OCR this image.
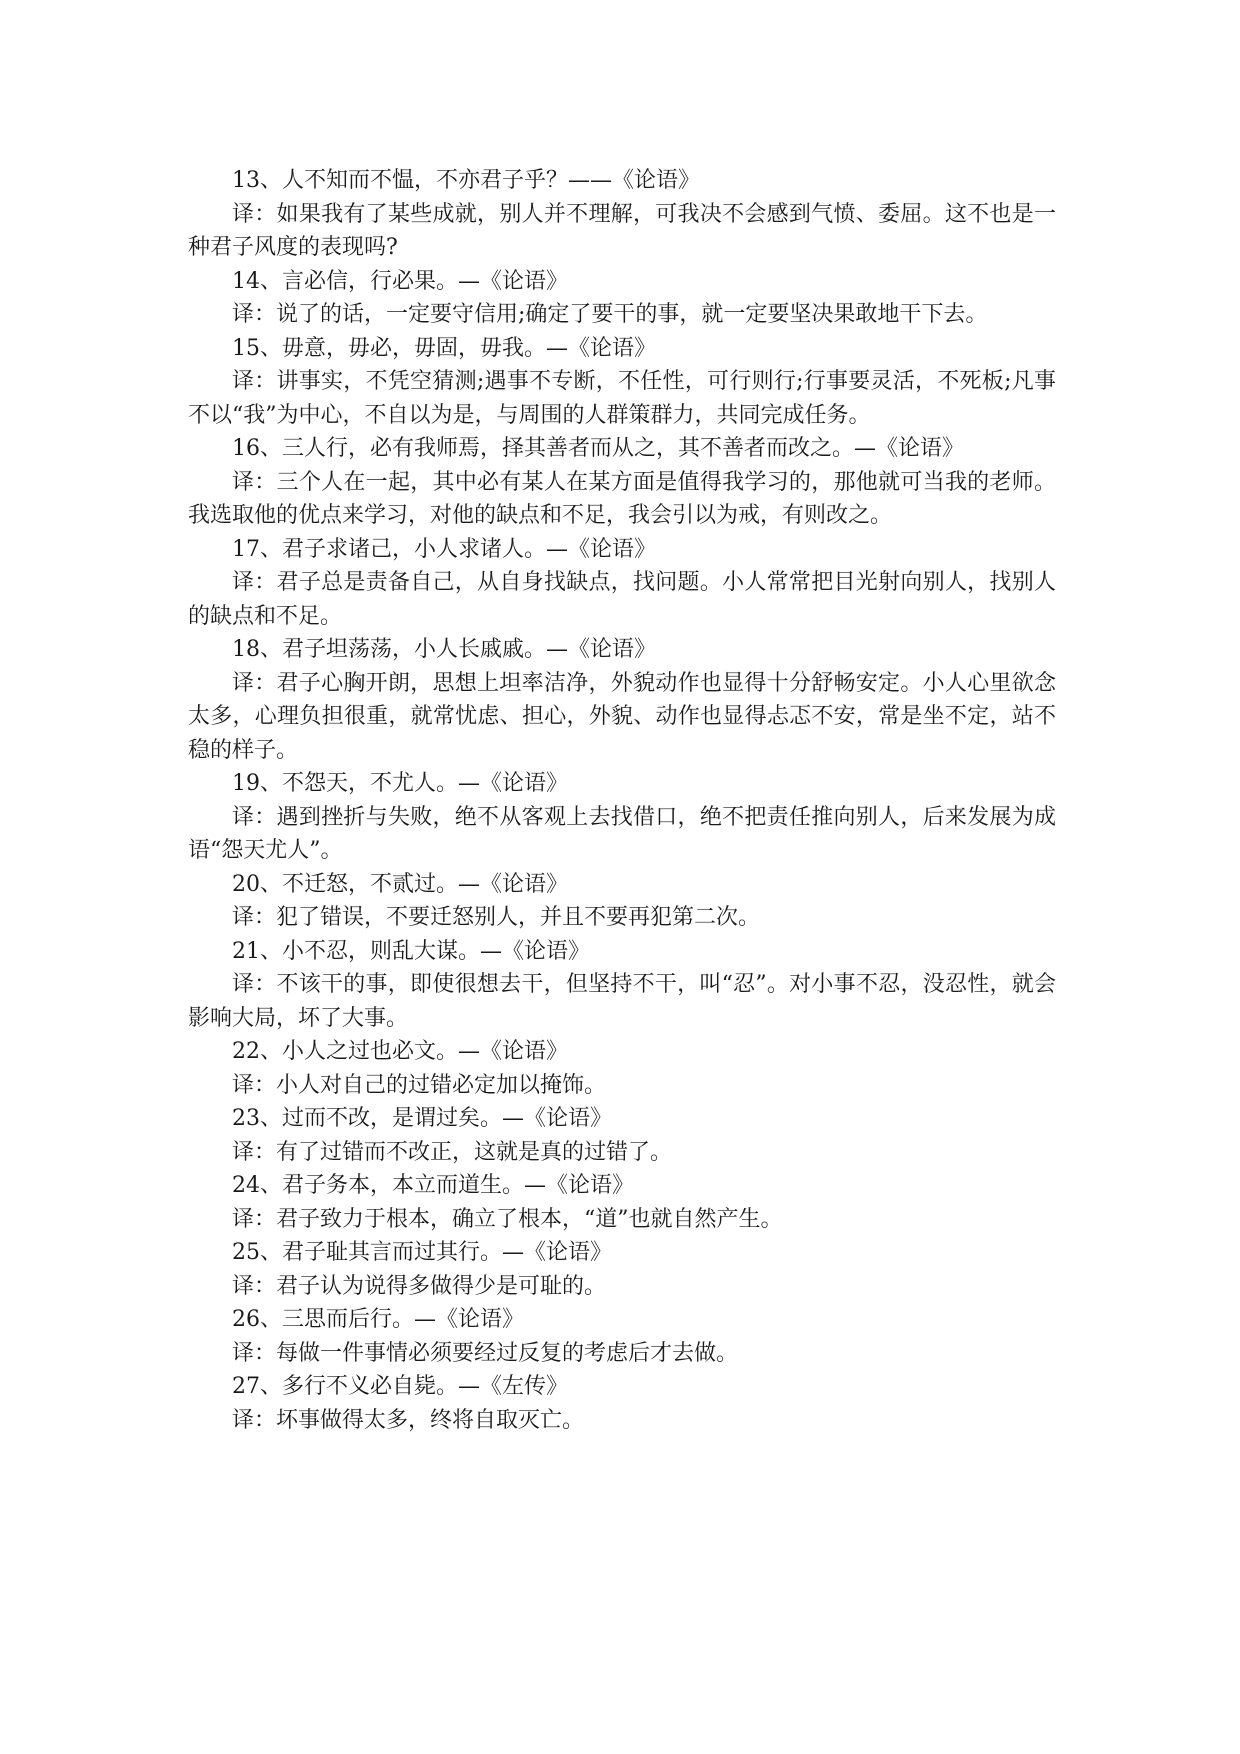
13、人不知而不愠，不亦君子乎？——《论语》

译：如果我有了某些成就，别人并不理解，可我决不会感到气愤、委屈。这不也是一种君子风度的表现吗?

14、言必信，行必果。—《论语》

译：说了的话，一定要守信用;确定了要干的事，就一定要坚决果敢地干下去。

15、毋意，毋必，毋固，毋我。—《论语》

译：讲事实，不凭空猜测;遇事不专断，不任性，可行则行;行事要灵活，不死板;凡事不以“我”为中心，不自以为是，与周围的人群策群力，共同完成任务。

16、三人行，必有我师焉，择其善者而从之，其不善者而改之。—《论语》

译：三个人在一起，其中必有某人在某方面是值得我学习的，那他就可当我的老师。我选取他的优点来学习，对他的缺点和不足，我会引以为戒，有则改之。

17、君子求诸己，小人求诸人。—《论语》

译：君子总是责备自己，从自身找缺点，找问题。小人常常把目光射向别人，找别人的缺点和不足。

18、君子坦荡荡，小人长戚戚。—《论语》

译：君子心胸开朗，思想上坦率洁净，外貌动作也显得十分舒畅安定。小人心里欲念太多，心理负担很重，就常忧虑、担心，外貌、动作也显得忐忑不安，常是坐不定，站不稳的样子。

19、不怨天，不尤人。—《论语》

译：遇到挫折与失败，绝不从客观上去找借口，绝不把责任推向别人，后来发展为成语“怨天尤人”。

20、不迁怒，不贰过。—《论语》

译：犯了错误，不要迁怒别人，并且不要再犯第二次。

21、小不忍，则乱大谋。—《论语》

译：不该干的事，即使很想去干，但坚持不干，叫“忍”。对小事不忍，没忍性，就会影响大局，坏了大事。

22、小人之过也必文。—《论语》

译：小人对自己的过错必定加以掩饰。

23、过而不改，是谓过矣。—《论语》

译：有了过错而不改正，这就是真的过错了。

24、君子务本，本立而道生。—《论语》

译：君子致力于根本，确立了根本，“道”也就自然产生。

25、君子耻其言而过其行。—《论语》

译：君子认为说得多做得少是可耻的。

26、三思而后行。—《论语》

译：每做一件事情必须要经过反复的考虑后才去做。

27、多行不义必自毙。—《左传》

译：坏事做得太多，终将自取灭亡。
